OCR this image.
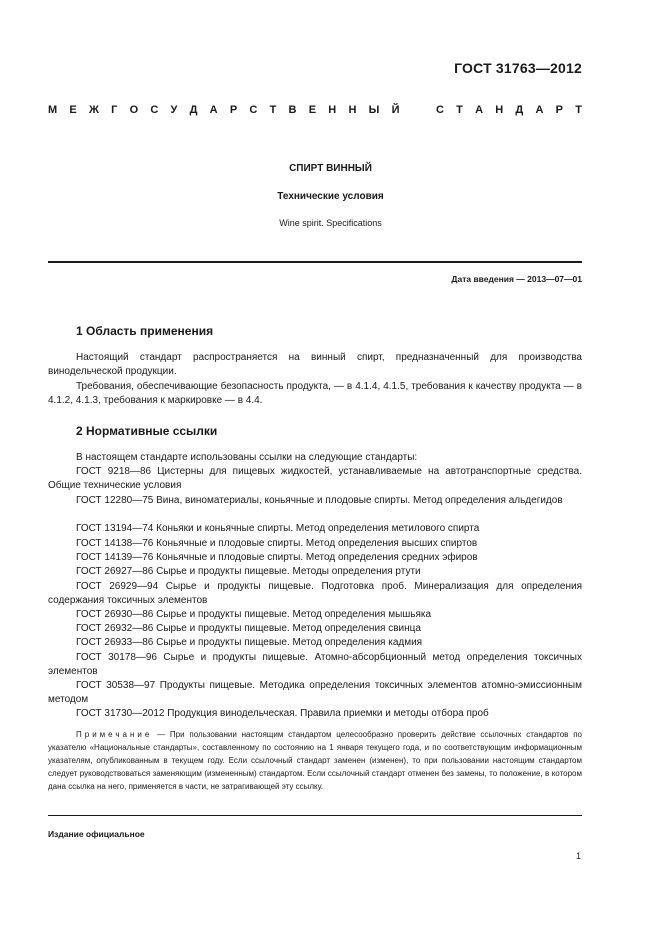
ГОСТ 31763—2012
М Е Ж Г О С У Д А Р С Т В Е Н Н Ы Й	С Т А Н Д А Р Т
СПИРТ ВИННЫЙ
Технические условия
Wine spirit. Specifications
Дата введения — 2013—07—01
1 Область применения
Настоящий стандарт распространяется на винный спирт, предназначенный для производства винодельческой продукции.
Требования, обеспечивающие безопасность продукта, — в 4.1.4, 4.1.5, требования к качеству продукта — в 4.1.2, 4.1.3, требования к маркировке — в 4.4.
2 Нормативные ссылки
В настоящем стандарте использованы ссылки на следующие стандарты:
ГОСТ 9218—86 Цистерны для пищевых жидкостей, устанавливаемые на автотранспортные средства. Общие технические условия
ГОСТ 12280—75 Вина, виноматериалы, коньячные и плодовые спирты. Метод определения альдегидов
ГОСТ 13194—74 Коньяки и коньячные спирты. Метод определения метилового спирта
ГОСТ 14138—76 Коньячные и плодовые спирты. Метод определения высших спиртов
ГОСТ 14139—76 Коньячные и плодовые спирты. Метод определения средних эфиров
ГОСТ 26927—86 Сырье и продукты пищевые. Методы определения ртути
ГОСТ 26929—94 Сырье и продукты пищевые. Подготовка проб. Минерализация для определения содержания токсичных элементов
ГОСТ 26930—86 Сырье и продукты пищевые. Метод определения мышьяка
ГОСТ 26932—86 Сырье и продукты пищевые. Метод определения свинца
ГОСТ 26933—86 Сырье и продукты пищевые. Метод определения кадмия
ГОСТ 30178—96 Сырье и продукты пищевые. Атомно-абсорбционный метод определения токсичных элементов
ГОСТ 30538—97 Продукты пищевые. Методика определения токсичных элементов атомно-эмиссионным методом
ГОСТ 31730—2012 Продукция винодельческая. Правила приемки и методы отбора проб
Примечание — При пользовании настоящим стандартом целесообразно проверить действие ссылочных стандартов по указателю «Национальные стандарты», составленному по состоянию на 1 января текущего года, и по соответствующим информационным указателям, опубликованным в текущем году. Если ссылочный стандарт заменен (изменен), то при пользовании настоящим стандартом следует руководствоваться заменяющим (измененным) стандартом. Если ссылочный стандарт отменен без замены, то положение, в котором дана ссылка на него, применяется в части, не затрагивающей эту ссылку.
Издание официальное
1
